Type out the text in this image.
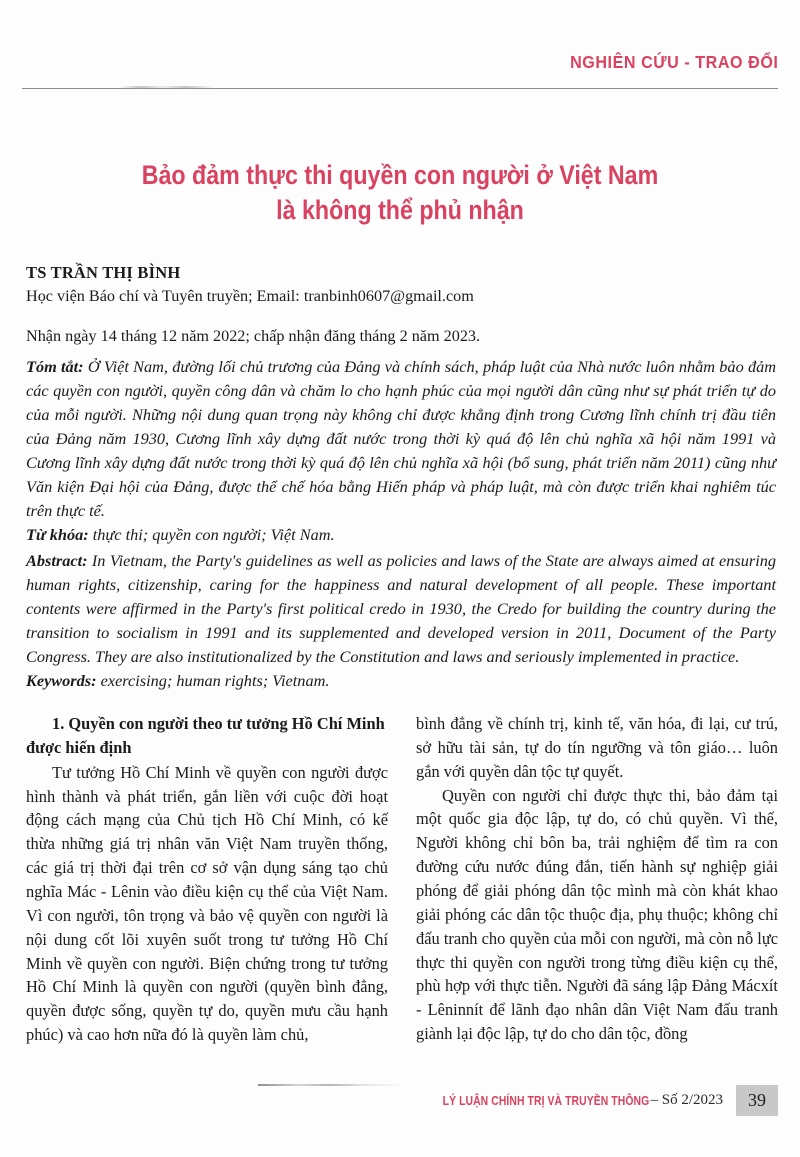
NGHIÊN CỨU - TRAO ĐỔI
Bảo đảm thực thi quyền con người ở Việt Nam
là không thể phủ nhận
TS TRẦN THỊ BÌNH
Học viện Báo chí và Tuyên truyền; Email: tranbinh0607@gmail.com
Nhận ngày 14 tháng 12 năm 2022; chấp nhận đăng tháng 2 năm 2023.

Tóm tắt: Ở Việt Nam, đường lối chủ trương của Đảng và chính sách, pháp luật của Nhà nước luôn nhằm bảo đảm các quyền con người, quyền công dân và chăm lo cho hạnh phúc của mọi người dân cũng như sự phát triển tự do của mỗi người. Những nội dung quan trọng này không chỉ được khẳng định trong Cương lĩnh chính trị đầu tiên của Đảng năm 1930, Cương lĩnh xây dựng đất nước trong thời kỳ quá độ lên chủ nghĩa xã hội năm 1991 và Cương lĩnh xây dựng đất nước trong thời kỳ quá độ lên chủ nghĩa xã hội (bổ sung, phát triển năm 2011) cũng như Văn kiện Đại hội của Đảng, được thể chế hóa bằng Hiến pháp và pháp luật, mà còn được triển khai nghiêm túc trên thực tế.

Từ khóa: thực thi; quyền con người; Việt Nam.

Abstract: In Vietnam, the Party's guidelines as well as policies and laws of the State are always aimed at ensuring human rights, citizenship, caring for the happiness and natural development of all people. These important contents were affirmed in the Party's first political credo in 1930, the Credo for building the country during the transition to socialism in 1991 and its supplemented and developed version in 2011, Document of the Party Congress. They are also institutionalized by the Constitution and laws and seriously implemented in practice.

Keywords: exercising; human rights; Vietnam.

1. Quyền con người theo tư tưởng Hồ Chí Minh được hiến định

Tư tưởng Hồ Chí Minh về quyền con người được hình thành và phát triển, gắn liền với cuộc đời hoạt động cách mạng của Chủ tịch Hồ Chí Minh, có kế thừa những giá trị nhân văn Việt Nam truyền thống, các giá trị thời đại trên cơ sở vận dụng sáng tạo chủ nghĩa Mác - Lênin vào điều kiện cụ thể của Việt Nam. Vì con người, tôn trọng và bảo vệ quyền con người là nội dung cốt lõi xuyên suốt trong tư tưởng Hồ Chí Minh về quyền con người. Biện chứng trong tư tưởng Hồ Chí Minh là quyền con người (quyền bình đẳng, quyền được sống, quyền tự do, quyền mưu cầu hạnh phúc) và cao hơn nữa đó là quyền làm chủ,

bình đẳng về chính trị, kinh tế, văn hóa, đi lại, cư trú, sở hữu tài sản, tự do tín ngưỡng và tôn giáo… luôn gắn với quyền dân tộc tự quyết.

Quyền con người chỉ được thực thi, bảo đảm tại một quốc gia độc lập, tự do, có chủ quyền. Vì thế, Người không chỉ bôn ba, trải nghiệm để tìm ra con đường cứu nước đúng đắn, tiến hành sự nghiệp giải phóng để giải phóng dân tộc mình mà còn khát khao giải phóng các dân tộc thuộc địa, phụ thuộc; không chỉ đấu tranh cho quyền của mỗi con người, mà còn nỗ lực thực thi quyền con người trong từng điều kiện cụ thể, phù hợp với thực tiễn. Người đã sáng lập Đảng Mácxít - Lêninnít để lãnh đạo nhân dân Việt Nam đấu tranh giành lại độc lập, tự do cho dân tộc, đồng

LÝ LUẬN CHÍNH TRỊ VÀ TRUYỀN THÔNG – Số 2/2023	39
